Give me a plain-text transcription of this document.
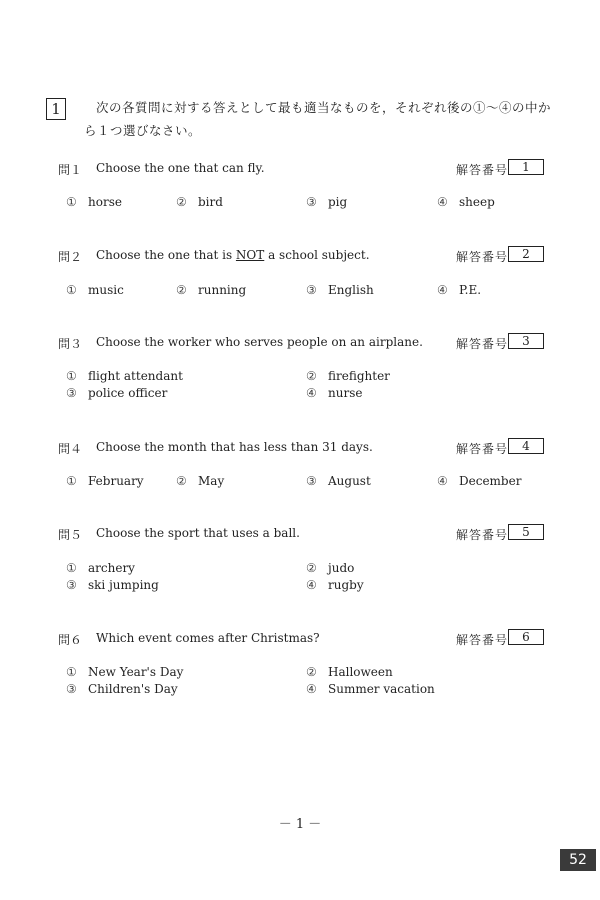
1	次の各質問に対する答えとして最も適当なものを，それぞれ後の①～④の中から１つ選びなさい。
問１ Choose the one that can fly.	解答番号	1
① horse	② bird	③ pig	④ sheep
問２ Choose the one that is NOT a school subject.	解答番号	2
① music	② running	③ English	④ P.E.
問３ Choose the worker who serves people on an airplane.	解答番号	3
① flight attendant	② firefighter
③ police officer	④ nurse
問４ Choose the month that has less than 31 days.	解答番号	4
① February	② May	③ August	④ December
問５ Choose the sport that uses a ball.	解答番号	5
① archery	② judo
③ ski jumping	④ rugby
問６ Which event comes after Christmas?	解答番号	6
① New Year's Day	② Halloween
③ Children's Day	④ Summer vacation
－ 1 －
52
